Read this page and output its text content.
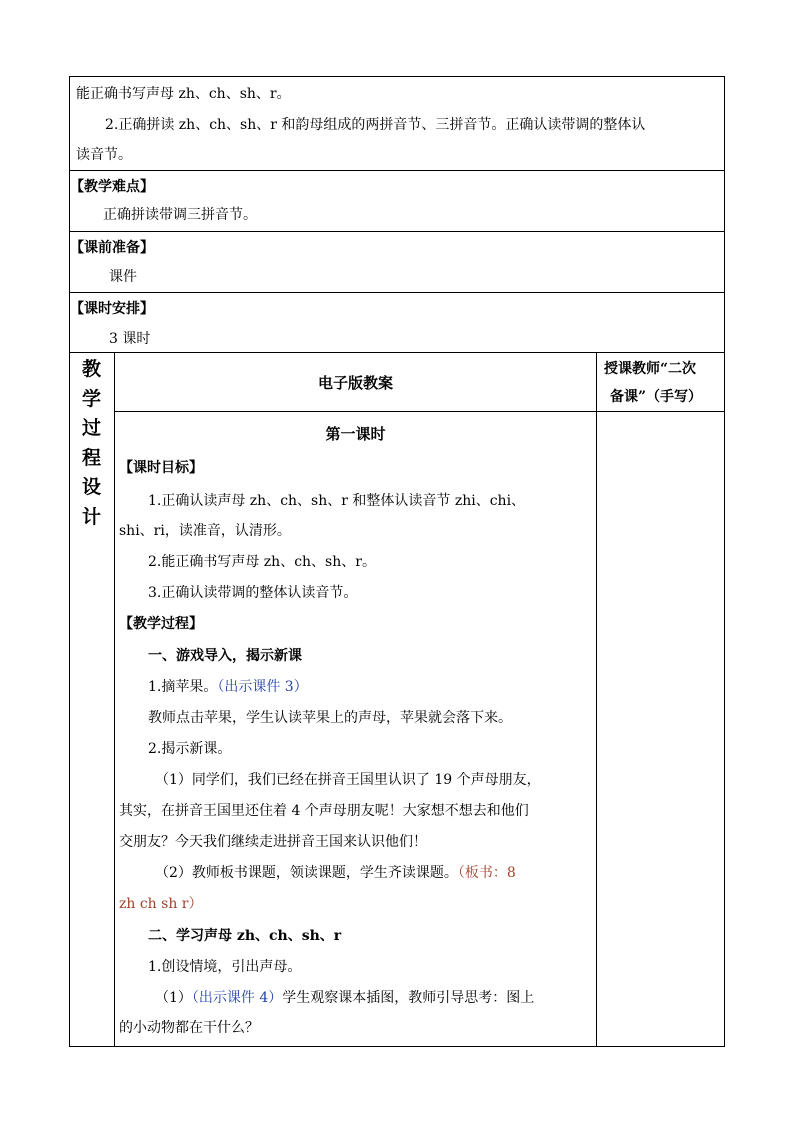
能正确书写声母 zh、ch、sh、r。
2.正确拼读 zh、ch、sh、r 和韵母组成的两拼音节、三拼音节。正确认读带调的整体认
读音节。
【教学难点】
正确拼读带调三拼音节。
【课前准备】
课件
【课时安排】
3 课时
教
学
过
程
设
计
电子版教案
授课教师“二次
备课”（手写）
第一课时
【课时目标】
1.正确认读声母 zh、ch、sh、r 和整体认读音节 zhi、chi、
shi、ri，读准音，认清形。
2.能正确书写声母 zh、ch、sh、r。
3.正确认读带调的整体认读音节。
【教学过程】
一、游戏导入，揭示新课
1.摘苹果。（出示课件 3）
教师点击苹果，学生认读苹果上的声母，苹果就会落下来。
2.揭示新课。
（1）同学们，我们已经在拼音王国里认识了 19 个声母朋友，
其实，在拼音王国里还住着 4 个声母朋友呢！大家想不想去和他们
交朋友？今天我们继续走进拼音王国来认识他们！
（2）教师板书课题，领读课题，学生齐读课题。（板书：8
zh ch sh r）
二、学习声母 zh、ch、sh、r
1.创设情境，引出声母。
（1）（出示课件 4）学生观察课本插图，教师引导思考：图上
的小动物都在干什么？
